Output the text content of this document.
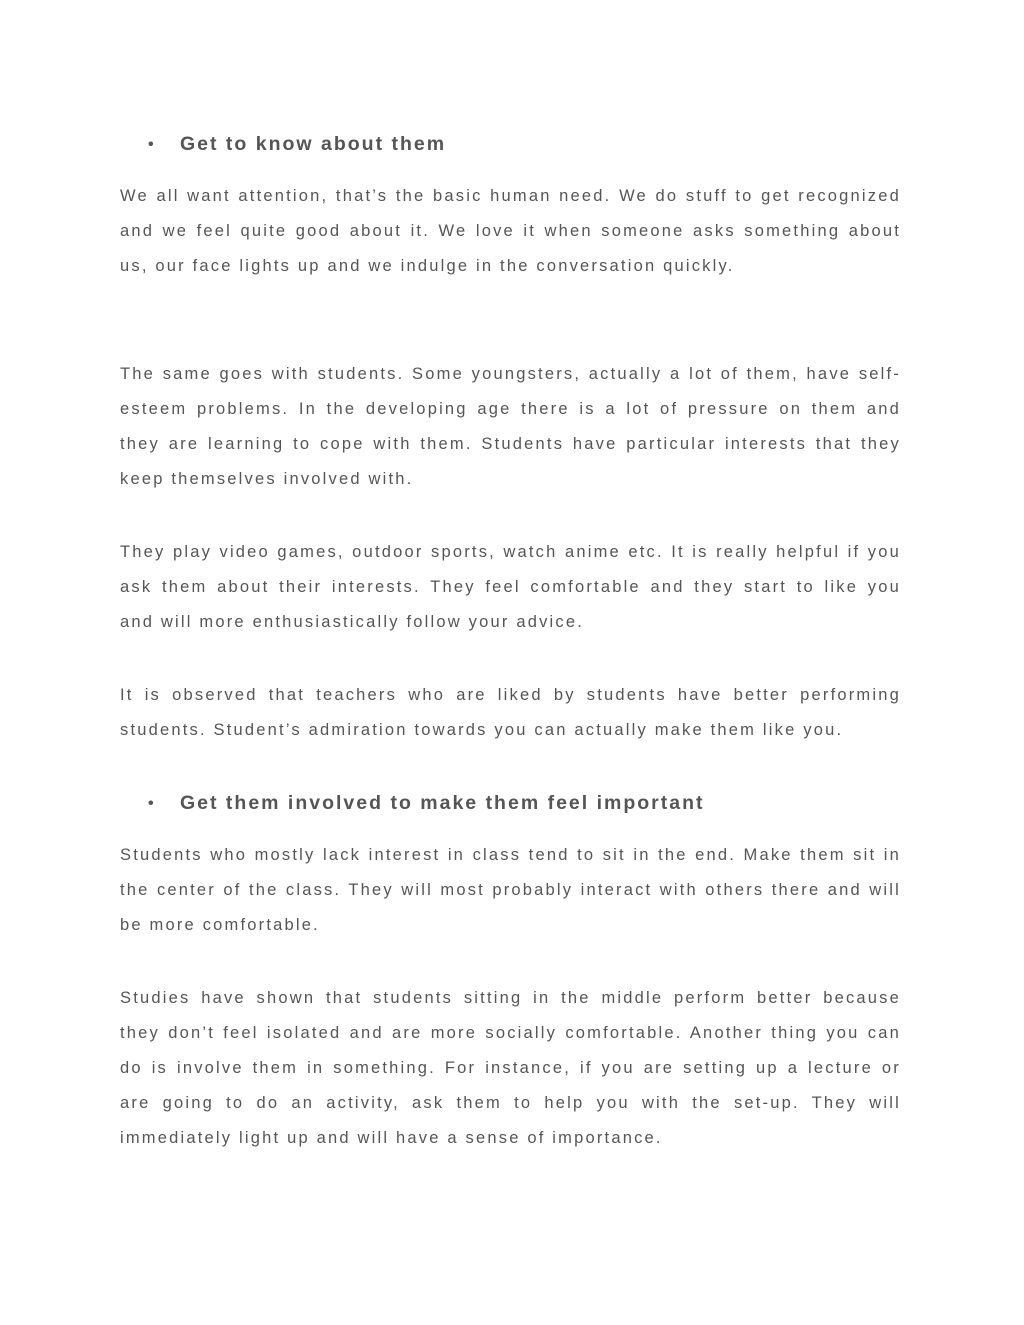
• Get to know about them

We all want attention, that’s the basic human need. We do stuff to get recognized and we feel quite good about it. We love it when someone asks something about us, our face lights up and we indulge in the conversation quickly.

The same goes with students. Some youngsters, actually a lot of them, have self-esteem problems. In the developing age there is a lot of pressure on them and they are learning to cope with them. Students have particular interests that they keep themselves involved with.

They play video games, outdoor sports, watch anime etc. It is really helpful if you ask them about their interests. They feel comfortable and they start to like you and will more enthusiastically follow your advice.

It is observed that teachers who are liked by students have better performing students. Student’s admiration towards you can actually make them like you.

• Get them involved to make them feel important

Students who mostly lack interest in class tend to sit in the end. Make them sit in the center of the class. They will most probably interact with others there and will be more comfortable.

Studies have shown that students sitting in the middle perform better because they don’t feel isolated and are more socially comfortable. Another thing you can do is involve them in something. For instance, if you are setting up a lecture or are going to do an activity, ask them to help you with the set-up. They will immediately light up and will have a sense of importance.
